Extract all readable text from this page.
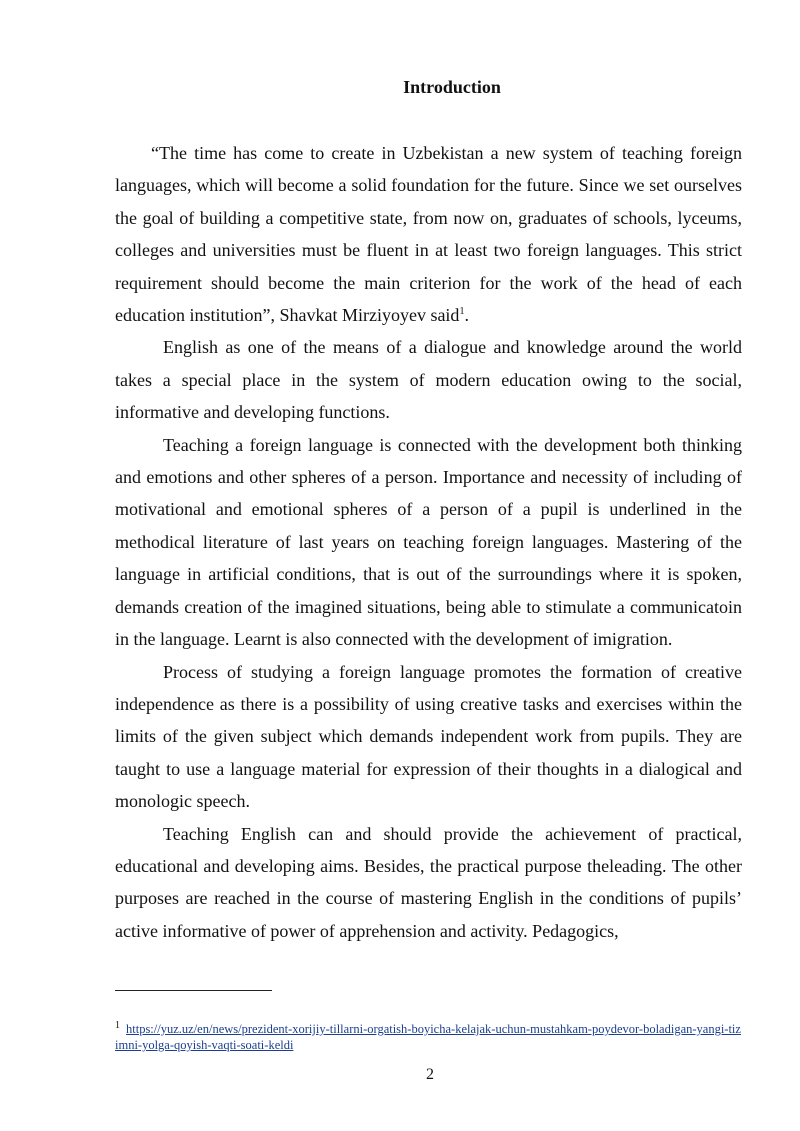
Introduction

“The time has come to create in Uzbekistan a new system of teaching foreign languages, which will become a solid foundation for the future. Since we set ourselves the goal of building a competitive state, from now on, graduates of schools, lyceums, colleges and universities must be fluent in at least two foreign languages. This strict requirement should become the main criterion for the work of the head of each education institution”, Shavkat Mirziyoyev said$^1$.

English as one of the means of a dialogue and knowledge around the world takes a special place in the system of modern education owing to the social, informative and developing functions.

Teaching a foreign language is connected with the development both thinking and emotions and other spheres of a person. Importance and necessity of including of motivational and emotional spheres of a person of a pupil is underlined in the methodical literature of last years on teaching foreign languages. Mastering of the language in artificial conditions, that is out of the surroundings where it is spoken, demands creation of the imagined situations, being able to stimulate a communicatoin in the language. Learnt is also connected with the development of imigration.

Process of studying a foreign language promotes the formation of creative independence as there is a possibility of using creative tasks and exercises within the limits of the given subject which demands independent work from pupils. They are taught to use a language material for expression of their thoughts in a dialogical and monologic speech.

Teaching English can and should provide the achievement of practical, educational and developing aims. Besides, the practical purpose theleading. The other purposes are reached in the course of mastering English in the conditions of pupils’ active informative of power of apprehension and activity. Pedagogics,

$^1$ https://yuz.uz/en/news/prezident-xorijiy-tillarni-orgatish-boyicha-kelajak-uchun-mustahkam-poydevor-boladigan-yangi-tizimni-yolga-qoyish-vaqti-soati-keldi
2
